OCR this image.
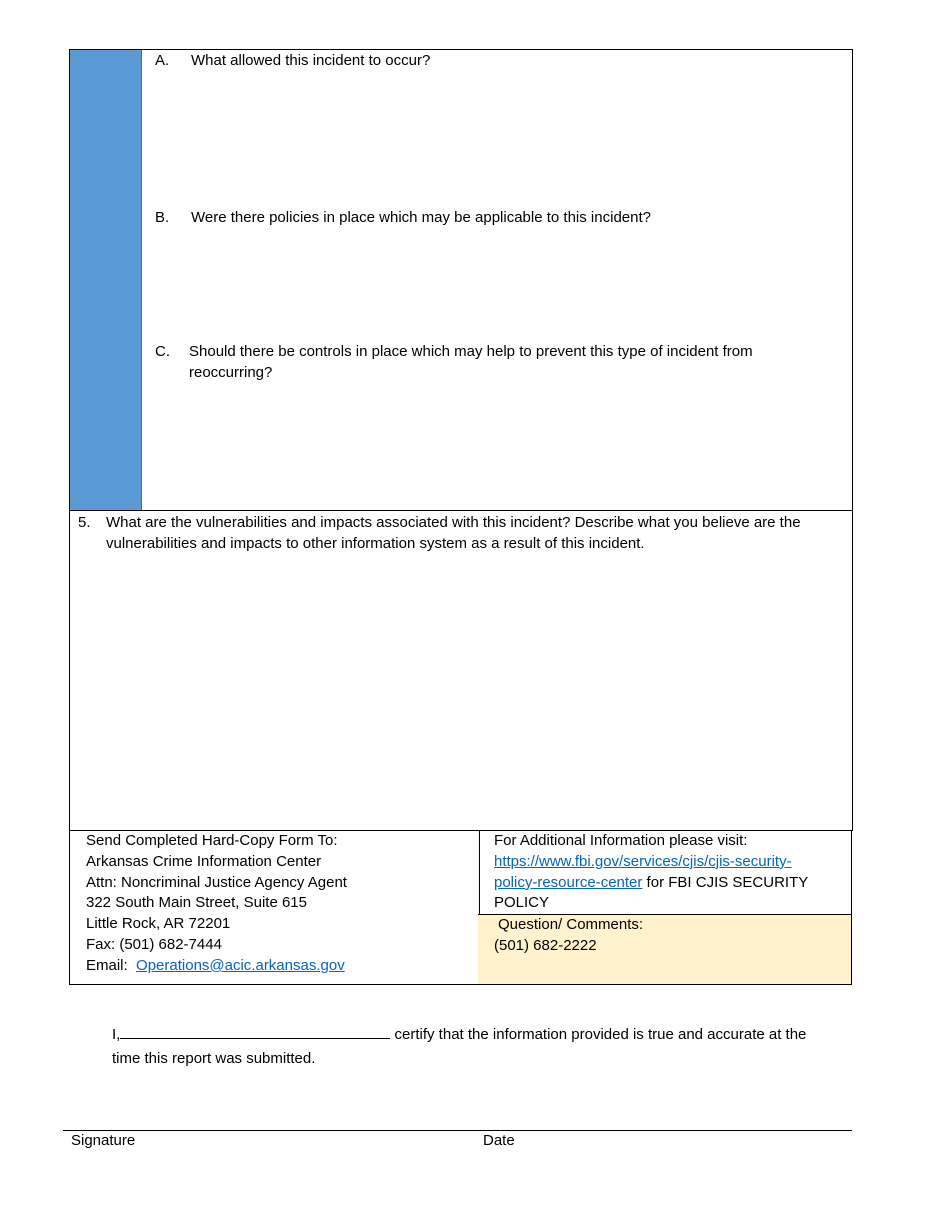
A. What allowed this incident to occur?
B. Were there policies in place which may be applicable to this incident?
C. Should there be controls in place which may help to prevent this type of incident from
reoccurring?
5. What are the vulnerabilities and impacts associated with this incident? Describe what you believe are the vulnerabilities and impacts to other information system as a result of this incident.
Send Completed Hard-Copy Form To:
Arkansas Crime Information Center
Attn: Noncriminal Justice Agency Agent
322 South Main Street, Suite 615
Little Rock, AR 72201
Fax: (501) 682-7444
Email: Operations@acic.arkansas.gov
For Additional Information please visit:
https://www.fbi.gov/services/cjis/cjis-security-
policy-resource-center for FBI CJIS SECURITY
POLICY
Question/ Comments:
(501) 682-2222
I,	certify that the information provided is true and accurate at the
time this report was submitted.
Signature	Date
